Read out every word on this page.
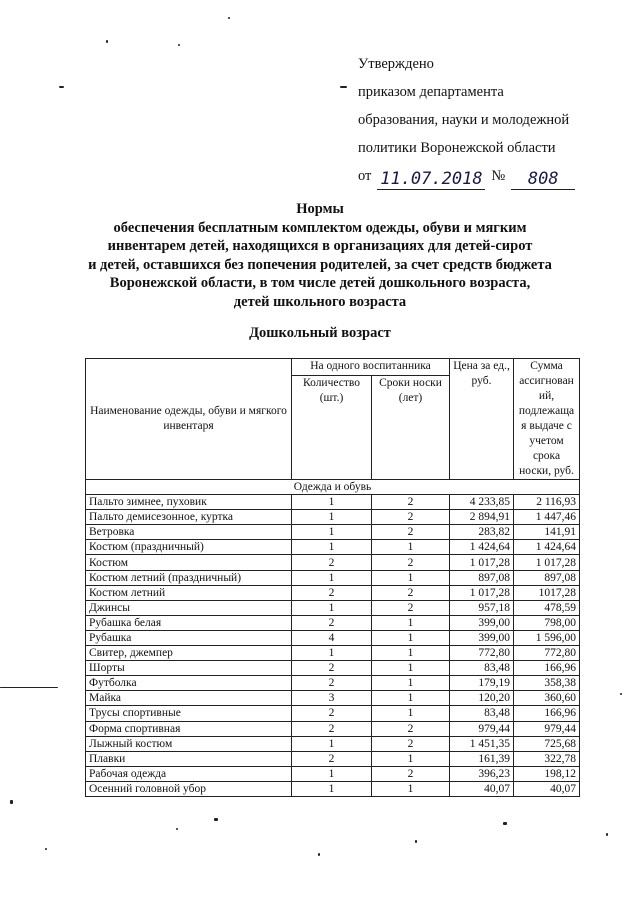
Утверждено
приказом департамента
образования, науки и молодежной
политики Воронежской области
от 11.07.2018 №	808
Нормы
обеспечения бесплатным комплектом одежды, обуви и мягким
инвентарем детей, находящихся в организациях для детей-сирот
и детей, оставшихся без попечения родителей, за счет средств бюджета
Воронежской области, в том числе детей дошкольного возраста,
детей школьного возраста
Дошкольный возраст
Наименование одежды, обуви и мягкого инвентаря	На одного воспитанника		Цена за ед., руб.	Сумма ассигнован ий, подлежаща я выдаче с учетом срока носки, руб.
	Количество (шт.)	Сроки носки (лет)		
Одежда и обувь				
Пальто зимнее, пуховик	1	2	4 233,85	2 116,93
Пальто демисезонное, куртка	1	2	2 894,91	1 447,46
Ветровка	1	2	283,82	141,91
Костюм (праздничный)	1	1	1 424,64	1 424,64
Костюм	2	2	1 017,28	1 017,28
Костюм летний (праздничный)	1	1	897,08	897,08
Костюм летний	2	2	1 017,28	1017,28
Джинсы	1	2	957,18	478,59
Рубашка белая	2	1	399,00	798,00
Рубашка	4	1	399,00	1 596,00
Свитер, джемпер	1	1	772,80	772,80
Шорты	2	1	83,48	166,96
Футболка	2	1	179,19	358,38
Майка	3	1	120,20	360,60
Трусы спортивные	2	1	83,48	166,96
Форма спортивная	2	2	979,44	979,44
Лыжный костюм	1	2	1 451,35	725,68
Плавки	2	1	161,39	322,78
Рабочая одежда	1	2	396,23	198,12
Осенний головной убор	1	1	40,07	40,07
